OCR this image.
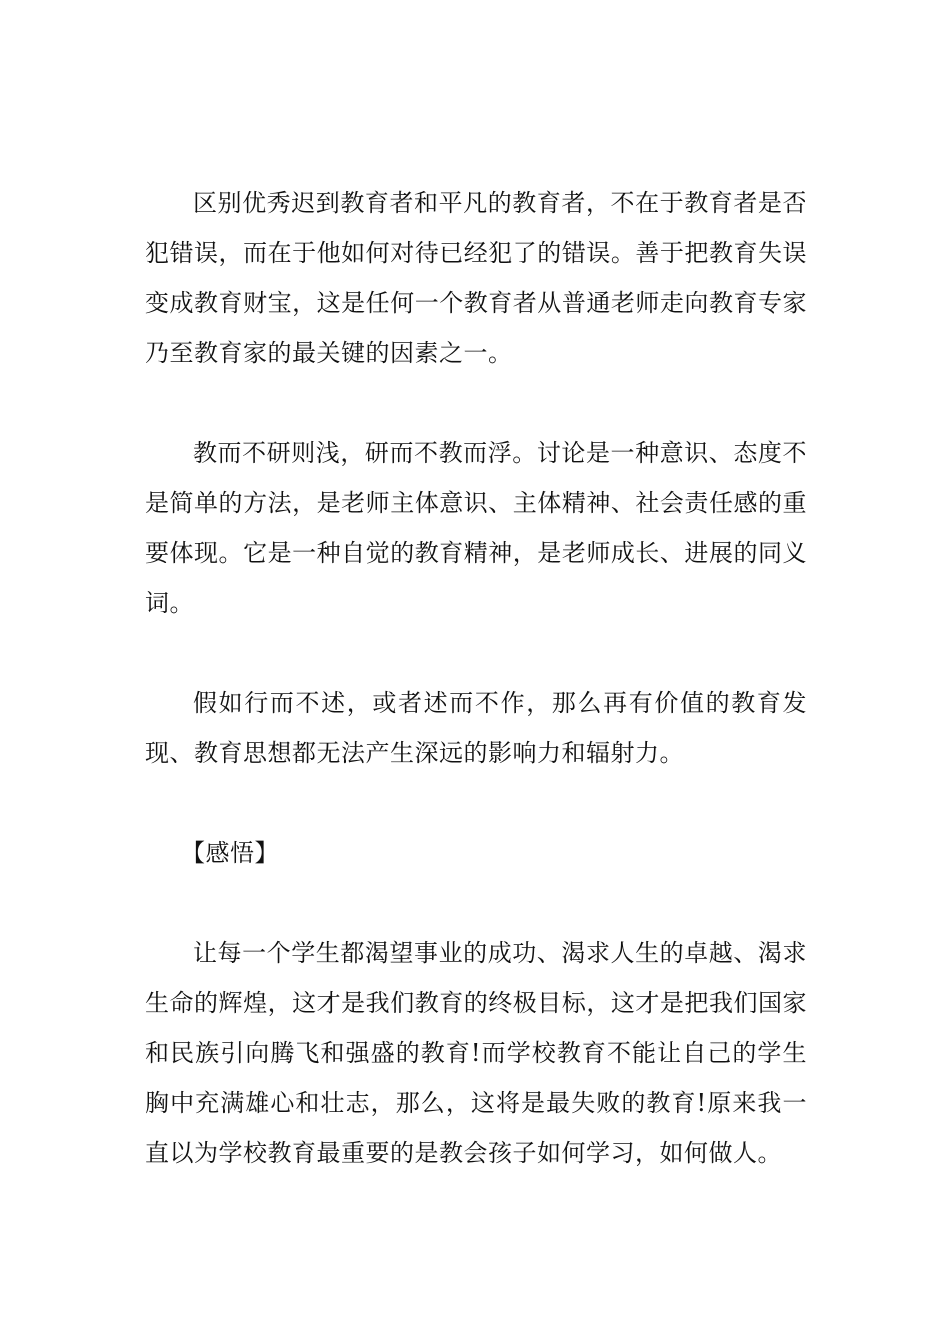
区别优秀迟到教育者和平凡的教育者，不在于教育者是否犯错误，而在于他如何对待已经犯了的错误。善于把教育失误变成教育财宝，这是任何一个教育者从普通老师走向教育专家乃至教育家的最关键的因素之一。

教而不研则浅，研而不教而浮。讨论是一种意识、态度不是简单的方法，是老师主体意识、主体精神、社会责任感的重要体现。它是一种自觉的教育精神，是老师成长、进展的同义词。

假如行而不述，或者述而不作，那么再有价值的教育发现、教育思想都无法产生深远的影响力和辐射力。

【感悟】

让每一个学生都渴望事业的成功、渴求人生的卓越、渴求生命的辉煌，这才是我们教育的终极目标，这才是把我们国家和民族引向腾飞和强盛的教育!而学校教育不能让自己的学生胸中充满雄心和壮志，那么，这将是最失败的教育!原来我一直以为学校教育最重要的是教会孩子如何学习，如何做人。
